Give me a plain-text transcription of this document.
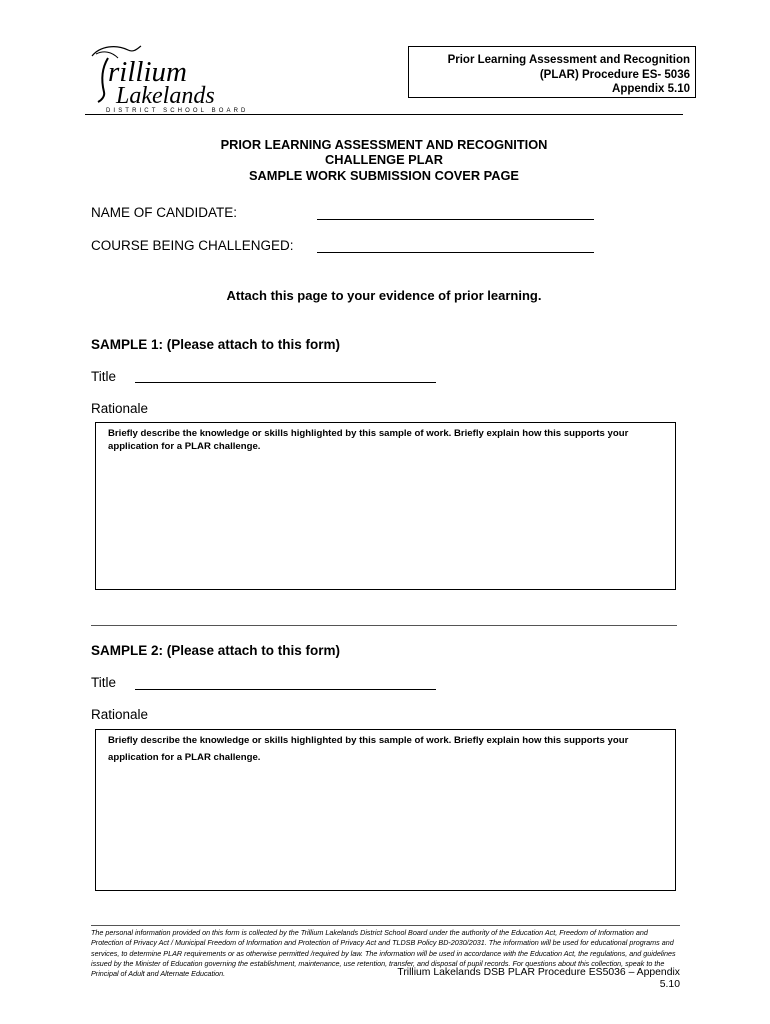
rillium
Lakelands
DISTRICT SCHOOL BOARD
Prior Learning Assessment and Recognition
(PLAR) Procedure ES- 5036
Appendix 5.10
PRIOR LEARNING ASSESSMENT AND RECOGNITION
CHALLENGE PLAR
SAMPLE WORK SUBMISSION COVER PAGE
NAME OF CANDIDATE:
COURSE BEING CHALLENGED:
Attach this page to your evidence of prior learning.
SAMPLE 1: (Please attach to this form)
Title
Rationale
Briefly describe the knowledge or skills highlighted by this sample of work. Briefly explain how this supports your application for a PLAR challenge.
SAMPLE 2: (Please attach to this form)
Title
Rationale
Briefly describe the knowledge or skills highlighted by this sample of work. Briefly explain how this supports your application for a PLAR challenge.
The personal information provided on this form is collected by the Trillium Lakelands District School Board under the authority of the Education Act, Freedom of Information and Protection of Privacy Act / Municipal Freedom of Information and Protection of Privacy Act and TLDSB Policy BD-2030/2031. The information will be used for educational programs and services, to determine PLAR requirements or as otherwise permitted /required by law. The information will be used in accordance with the Education Act, the regulations, and guidelines issued by the Minister of Education governing the establishment, maintenance, use retention, transfer, and disposal of pupil records. For questions about this collection, speak to the Principal of Adult and Alternate Education.	Trillium Lakelands DSB PLAR Procedure ES5036 – Appendix 5.10
